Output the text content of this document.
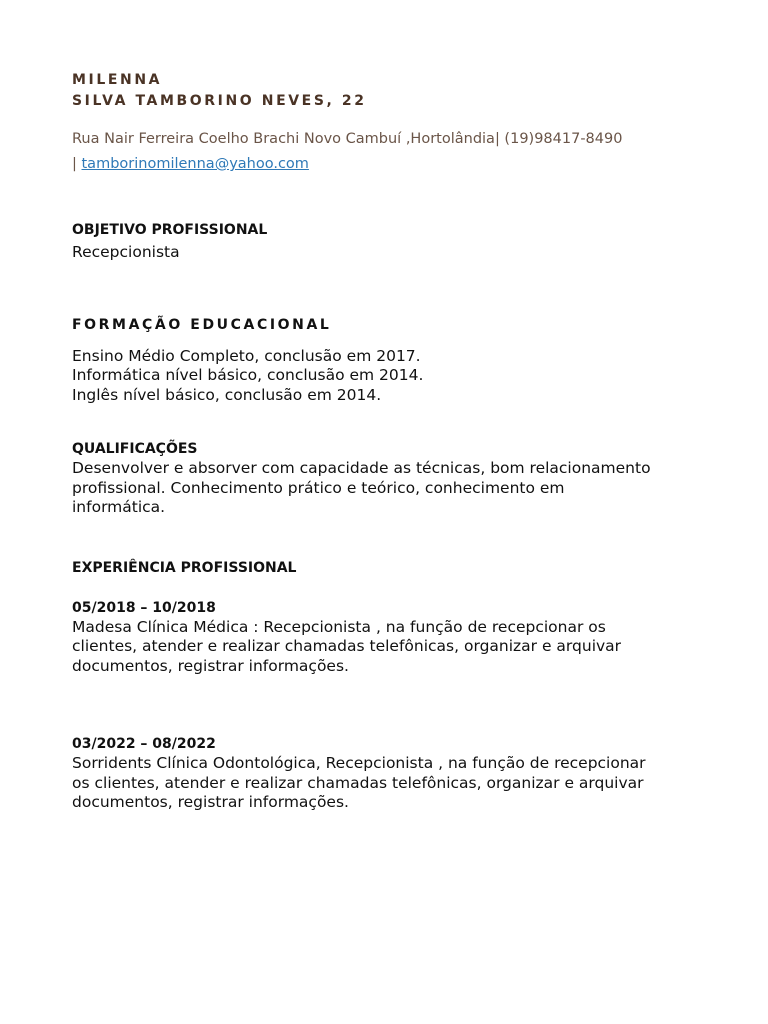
MILENNA

SILVA TAMBORINO NEVES, 22

Rua Nair Ferreira Coelho Brachi Novo Cambuí ,Hortolândia| (19)98417-8490
| tamborinomilenna@yahoo.com

OBJETIVO PROFISSIONAL

Recepcionista

FORMAÇÃO EDUCACIONAL

Ensino Médio Completo, conclusão em 2017.

Informática nível básico, conclusão em 2014.

Inglês nível básico, conclusão em 2014.

QUALIFICAÇÕES

Desenvolver e absorver com capacidade as técnicas, bom relacionamento

profissional. Conhecimento prático e teórico, conhecimento em

informática.

EXPERIÊNCIA PROFISSIONAL

05/2018 – 10/2018

Madesa Clínica Médica : Recepcionista , na função de recepcionar os

clientes, atender e realizar chamadas telefônicas, organizar e arquivar

documentos, registrar informações.

03/2022 – 08/2022

Sorridents Clínica Odontológica, Recepcionista , na função de recepcionar

os clientes, atender e realizar chamadas telefônicas, organizar e arquivar

documentos, registrar informações.
